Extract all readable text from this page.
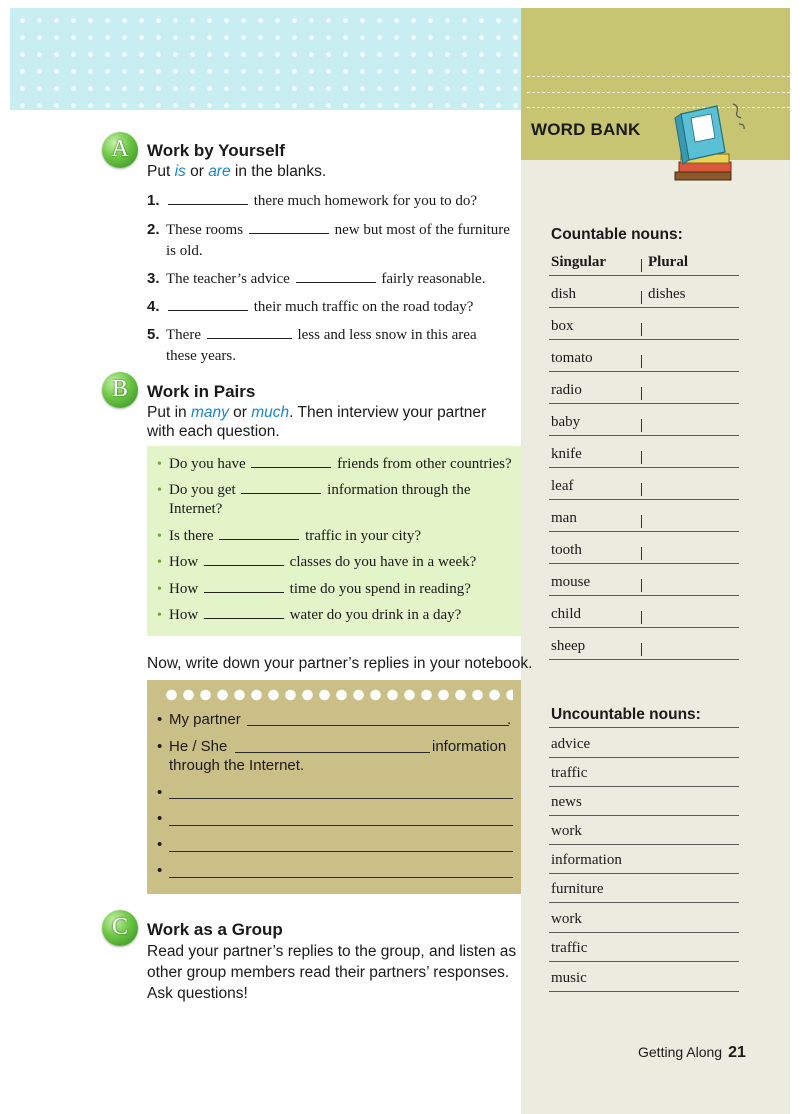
WORD BANK
Countable nouns:
Singular	Plural
dish	dishes
box
tomato
radio
baby
knife
leaf
man
tooth
mouse
child
sheep
Uncountable nouns:
advice
traffic
news
work
information
furniture
work
traffic
music
A	Work by Yourself
Put is or are in the blanks.
1.	there much homework for you to do?
2. These rooms	new but most of the furniture
is old.
3. The teacher’s advice	fairly reasonable.
4.	their much traffic on the road today?
5. There	less and less snow in this area
these years.
B	Work in Pairs
Put in many or much. Then interview your partner
with each question.
• Do you have	friends from other countries?
• Do you get	information through the
Internet?
• Is there	traffic in your city?
• How	classes do you have in a week?
• How	time do you spend in reading?
• How	water do you drink in a day?
Now, write down your partner’s replies in your notebook.
• My partner	.
• He / She	information

through the Internet.
•
•
•
•
C	Work as a Group
Read your partner’s replies to the group, and listen as
other group members read their partners’ responses.
Ask questions!
Getting Along 21
